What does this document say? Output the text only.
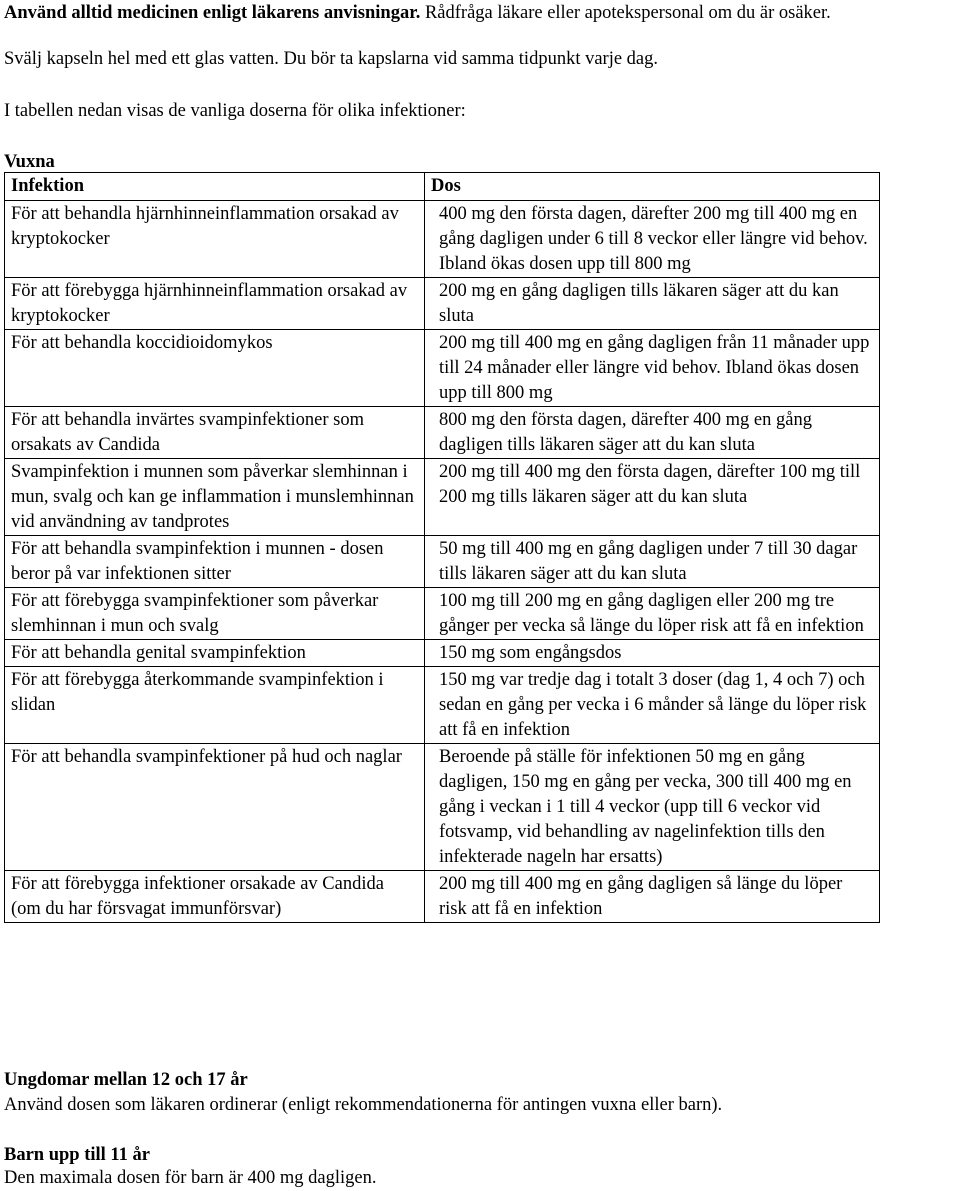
Använd alltid medicinen enligt läkarens anvisningar. Rådfråga läkare eller apotekspersonal om du är osäker.
Svälj kapseln hel med ett glas vatten. Du bör ta kapslarna vid samma tidpunkt varje dag.
I tabellen nedan visas de vanliga doserna för olika infektioner:
Vuxna
Infektion	Dos
För att behandla hjärnhinneinflammation orsakad av kryptokocker	400 mg den första dagen, därefter 200 mg till 400 mg en gång dagligen under 6 till 8 veckor eller längre vid behov. Ibland ökas dosen upp till 800 mg
För att förebygga hjärnhinneinflammation orsakad av kryptokocker	200 mg en gång dagligen tills läkaren säger att du kan sluta
För att behandla koccidioidomykos	200 mg till 400 mg en gång dagligen från 11 månader upp till 24 månader eller längre vid behov. Ibland ökas dosen upp till 800 mg
För att behandla invärtes svampinfektioner som orsakats av Candida	800 mg den första dagen, därefter 400 mg en gång dagligen tills läkaren säger att du kan sluta
Svampinfektion i munnen som påverkar slemhinnan i mun, svalg och kan ge inflammation i munslemhinnan vid användning av tandprotes	200 mg till 400 mg den första dagen, därefter 100 mg till 200 mg tills läkaren säger att du kan sluta
För att behandla svampinfektion i munnen - dosen beror på var infektionen sitter	50 mg till 400 mg en gång dagligen under 7 till 30 dagar tills läkaren säger att du kan sluta
För att förebygga svampinfektioner som påverkar slemhinnan i mun och svalg	100 mg till 200 mg en gång dagligen eller 200 mg tre gånger per vecka så länge du löper risk att få en infektion
För att behandla genital svampinfektion	150 mg som engångsdos
För att förebygga återkommande svampinfektion i slidan	150 mg var tredje dag i totalt 3 doser (dag 1, 4 och 7) och sedan en gång per vecka i 6 månder så länge du löper risk att få en infektion
För att behandla svampinfektioner på hud och naglar	Beroende på ställe för infektionen 50 mg en gång dagligen, 150 mg en gång per vecka, 300 till 400 mg en gång i veckan i 1 till 4 veckor (upp till 6 veckor vid fotsvamp, vid behandling av nagelinfektion tills den infekterade nageln har ersatts)
För att förebygga infektioner orsakade av Candida (om du har försvagat immunförsvar)	200 mg till 400 mg en gång dagligen så länge du löper risk att få en infektion
Ungdomar mellan 12 och 17 år
Använd dosen som läkaren ordinerar (enligt rekommendationerna för antingen vuxna eller barn).
Barn upp till 11 år
Den maximala dosen för barn är 400 mg dagligen.
